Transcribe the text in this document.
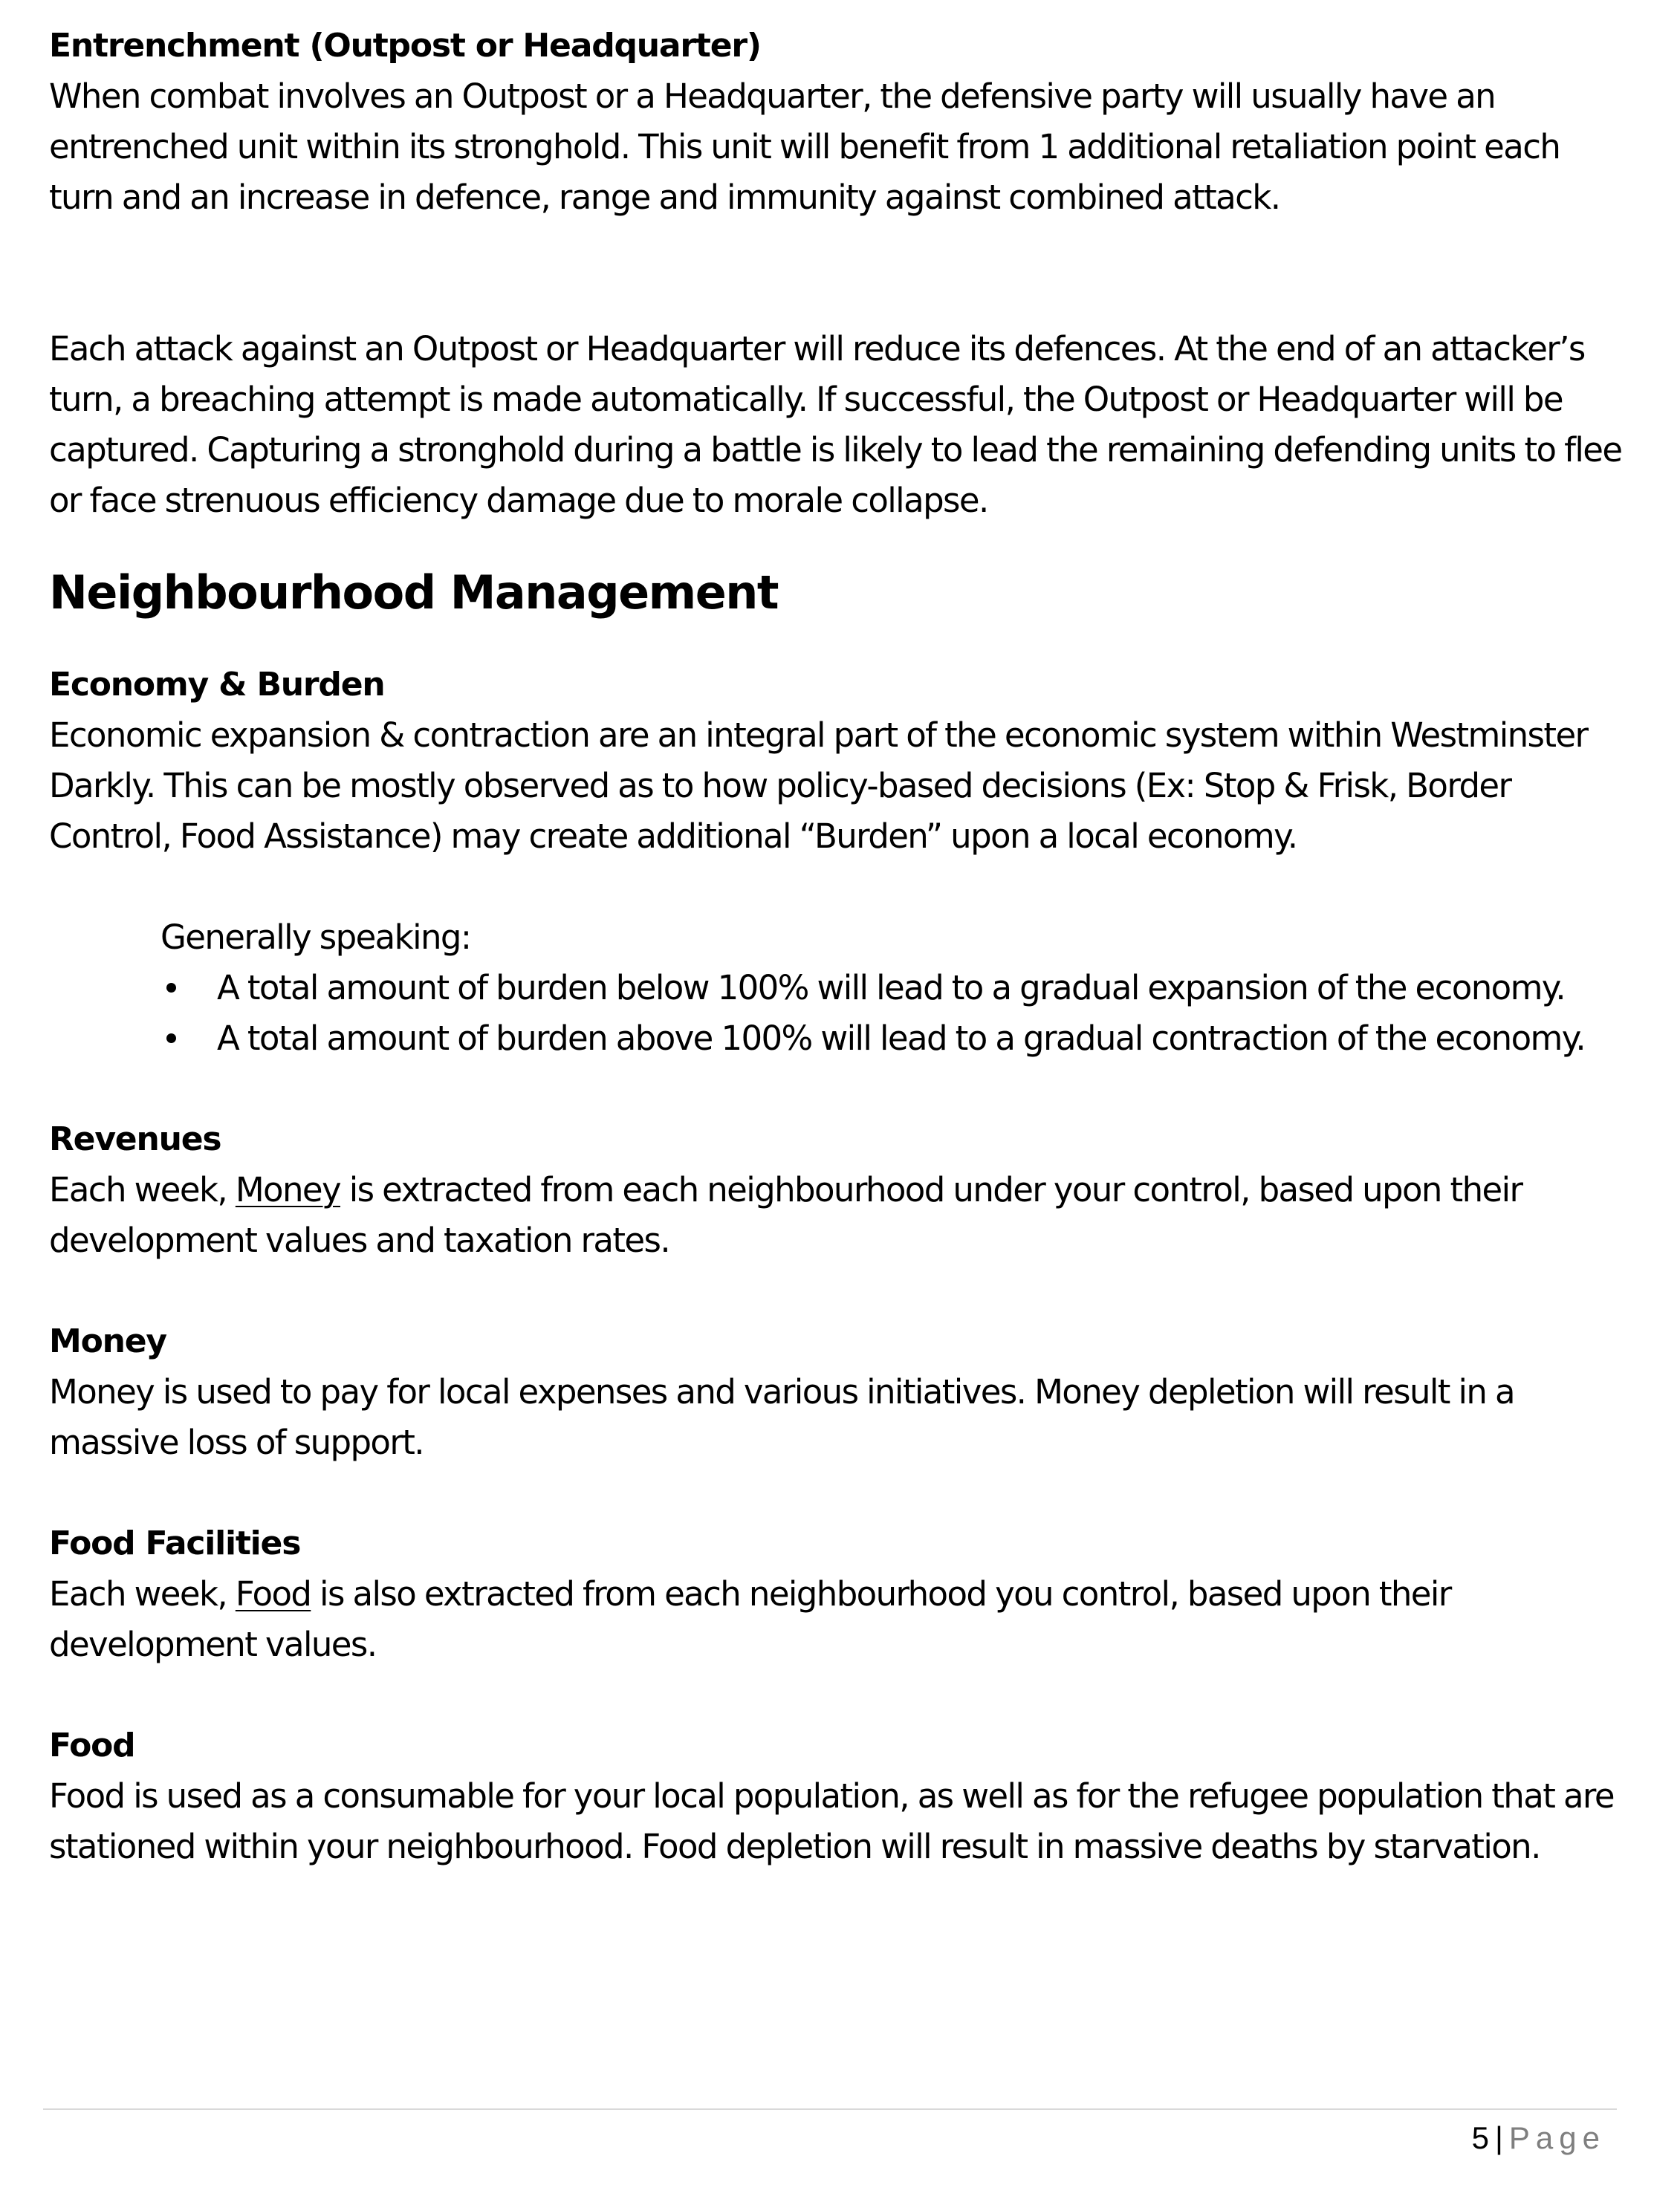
Entrenchment (Outpost or Headquarter)

When combat involves an Outpost or a Headquarter, the defensive party will usually have an entrenched unit within its stronghold. This unit will benefit from 1 additional retaliation point each turn and an increase in defence, range and immunity against combined attack.

Each attack against an Outpost or Headquarter will reduce its defences. At the end of an attacker’s turn, a breaching attempt is made automatically. If successful, the Outpost or Headquarter will be captured. Capturing a stronghold during a battle is likely to lead the remaining defending units to flee or face strenuous efficiency damage due to morale collapse.

Neighbourhood Management

Economy & Burden

Economic expansion & contraction are an integral part of the economic system within Westminster Darkly. This can be mostly observed as to how policy-based decisions (Ex: Stop & Frisk, Border Control, Food Assistance) may create additional “Burden” upon a local economy.

Generally speaking:

A total amount of burden below 100% will lead to a gradual expansion of the economy.
A total amount of burden above 100% will lead to a gradual contraction of the economy.

Revenues

Each week, Money is extracted from each neighbourhood under your control, based upon their development values and taxation rates.

Money

Money is used to pay for local expenses and various initiatives. Money depletion will result in a massive loss of support.

Food Facilities

Each week, Food is also extracted from each neighbourhood you control, based upon their development values.

Food

Food is used as a consumable for your local population, as well as for the refugee population that are stationed within your neighbourhood. Food depletion will result in massive deaths by starvation.

5 | Page
